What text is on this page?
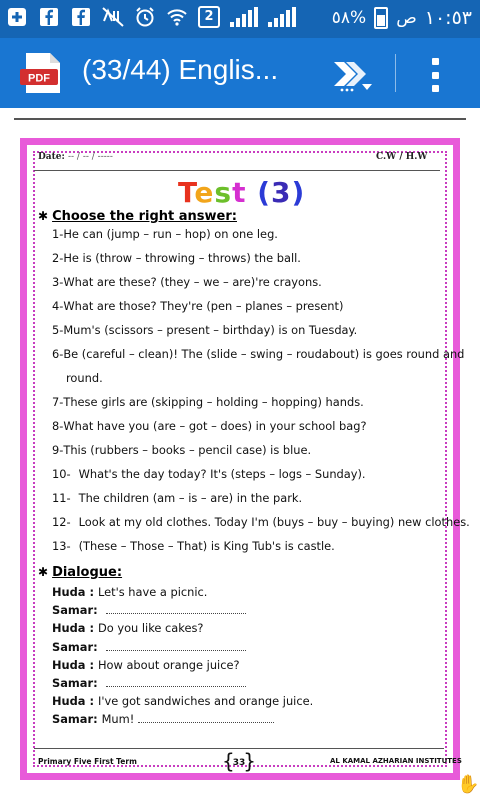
2	٥٨% ص ١٠:٥٣
PDF (33/44) Englis...
Date: -- / -- / -----	C.W / H.W
Test (3)
✱ Choose the right answer:
1-He can (jump – run – hop) on one leg.
2-He is (throw – throwing – throws) the ball.
3-What are these? (they – we – are)'re crayons.
4-What are those? They're (pen – planes – present)
5-Mum's (scissors – present – birthday) is on Tuesday.
6-Be (careful – clean)! The (slide – swing – roudabout) is goes round and
round.
7-These girls are (skipping – holding – hopping) hands.
8-What have you (are – got – does) in your school bag?
9-This (rubbers – books – pencil case) is blue.
10- What's the day today? It's (steps – logs – Sunday).
11- The children (am – is – are) in the park.
12- Look at my old clothes. Today I'm (buys – buy – buying) new clothes.
13- (These – Those – That) is King Tub's is castle.
✱ Dialogue:
Huda : Let's have a picnic.
Samar:
Huda : Do you like cakes?
Samar:
Huda : How about orange juice?
Samar:
Huda : I've got sandwiches and orange juice.
Samar: Mum!
Primary Five First Term
{	33 }	AL KAMAL AZHARIAN INSTITUTES
✋
